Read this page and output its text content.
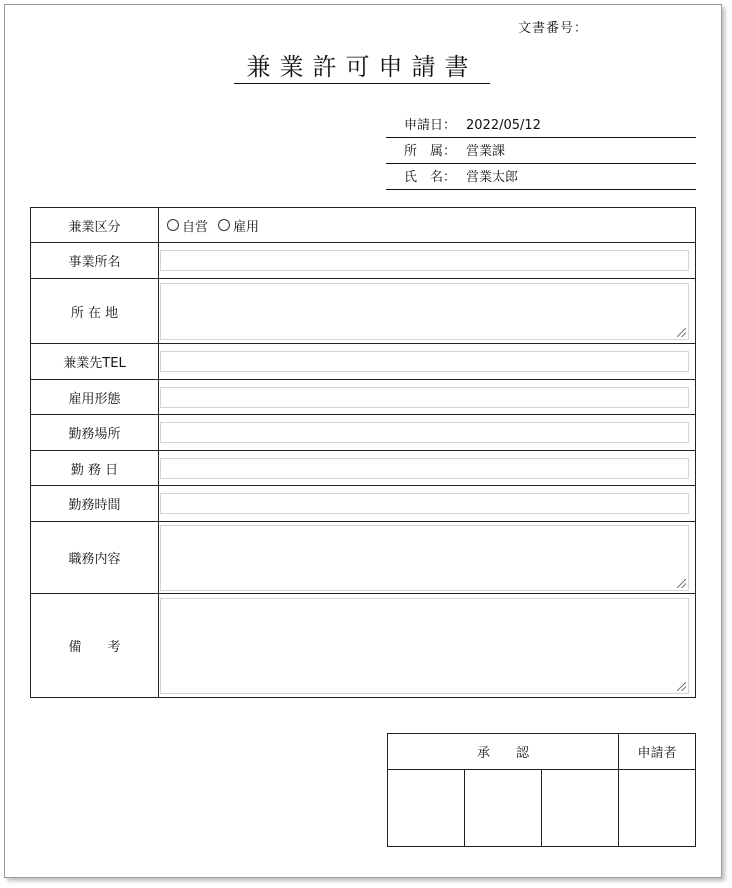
文書番号：
兼業許可申請書
申請日： 2022/05/12
所　属： 営業課
氏　名： 営業太郎
兼業区分	自営 雇用

事業所名	

所 在 地	

兼業先TEL	

雇用形態	

勤務場所	

勤 務 日	

勤務時間	

職務内容	

備　　考	
承　　認			申請者
